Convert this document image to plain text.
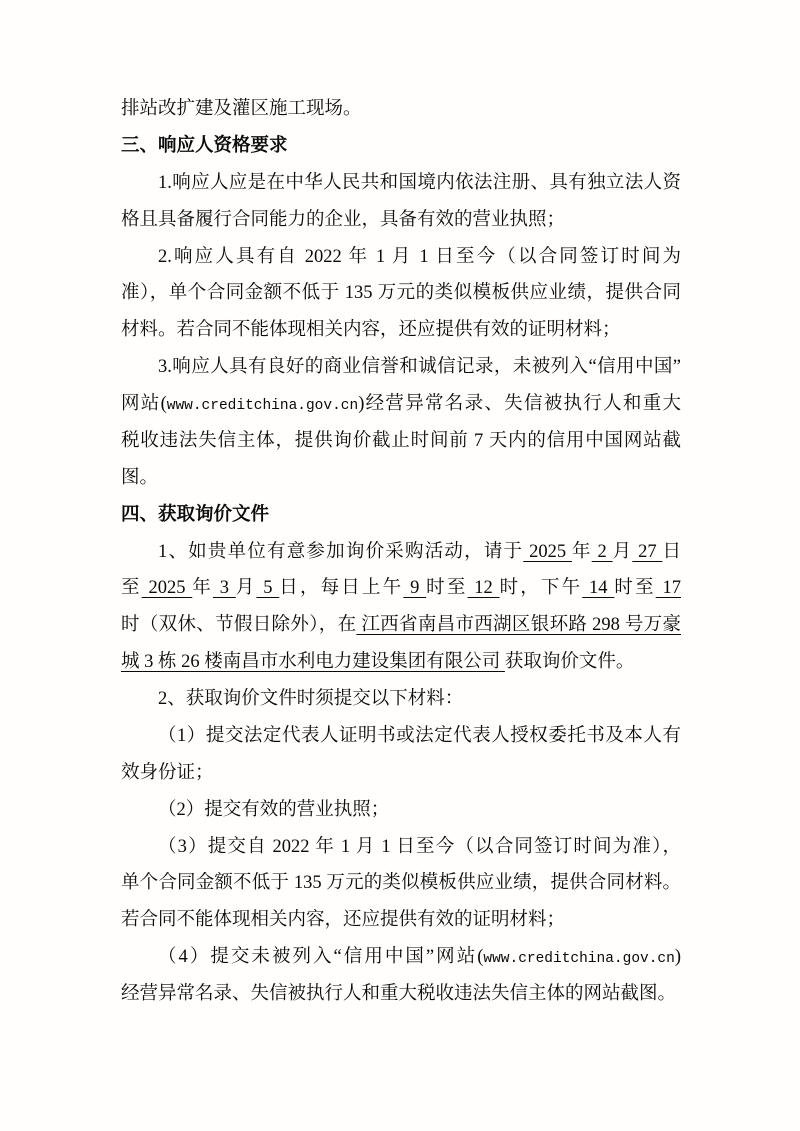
排站改扩建及灌区施工现场。
三、响应人资格要求
1.响应人应是在中华人民共和国境内依法注册、具有独立法人资
格且具备履行合同能力的企业，具备有效的营业执照；
2.响应人具有自 2022 年 1 月 1 日至今（以合同签订时间为
准），单个合同金额不低于 135 万元的类似模板供应业绩，提供合同
材料。若合同不能体现相关内容，还应提供有效的证明材料；
3.响应人具有良好的商业信誉和诚信记录，未被列入“信用中国”
网站(www.creditchina.gov.cn)经营异常名录、失信被执行人和重大
税收违法失信主体，提供询价截止时间前 7 天内的信用中国网站截
图。
四、获取询价文件
1、如贵单位有意参加询价采购活动，请于 2025 年 2 月 27 日
至 2025 年 3 月 5 日，每日上午 9 时至 12 时，下午 14 时至 17
时（双休、节假日除外），在 江西省南昌市西湖区银环路 298 号万豪
城 3 栋 26 楼南昌市水利电力建设集团有限公司 获取询价文件。
2、获取询价文件时须提交以下材料：
（1）提交法定代表人证明书或法定代表人授权委托书及本人有
效身份证；
（2）提交有效的营业执照；
（3）提交自 2022 年 1 月 1 日至今（以合同签订时间为准），
单个合同金额不低于 135 万元的类似模板供应业绩，提供合同材料。
若合同不能体现相关内容，还应提供有效的证明材料；
（4）提交未被列入“信用中国”网站(www.creditchina.gov.cn)
经营异常名录、失信被执行人和重大税收违法失信主体的网站截图。
